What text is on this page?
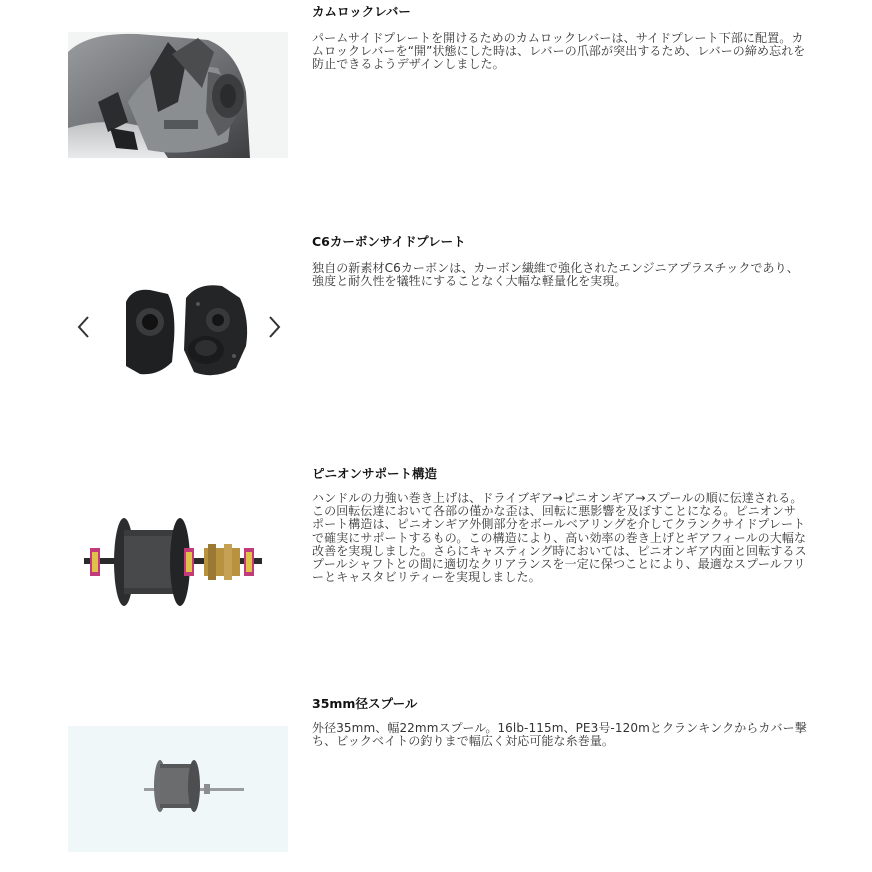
カムロックレバー
パームサイドプレートを開けるためのカムロックレバーは、サイドプレート下部に配置。カムロックレバーを“開”状態にした時は、レバーの爪部が突出するため、レバーの締め忘れを防止できるようデザインしました。
C6カーボンサイドプレート
独自の新素材C6カーボンは、カーボン繊維で強化されたエンジニアプラスチックであり、強度と耐久性を犠牲にすることなく大幅な軽量化を実現。
ピニオンサポート構造
ハンドルの力強い巻き上げは、ドライブギア→ピニオンギア→スプールの順に伝達される。この回転伝達において各部の僅かな歪は、回転に悪影響を及ぼすことになる。ピニオンサポート構造は、ピニオンギア外側部分をボールベアリングを介してクランクサイドプレートで確実にサポートするもの。この構造により、高い効率の巻き上げとギアフィールの大幅な改善を実現しました。さらにキャスティング時においては、ピニオンギア内面と回転するスプールシャフトとの間に適切なクリアランスを一定に保つことにより、最適なスプールフリーとキャスタビリティーを実現しました。
35mm径スプール
外径35mm、幅22mmスプール。16lb-115m、PE3号-120mとクランキンクからカバー撃ち、ビックベイトの釣りまで幅広く対応可能な糸巻量。
